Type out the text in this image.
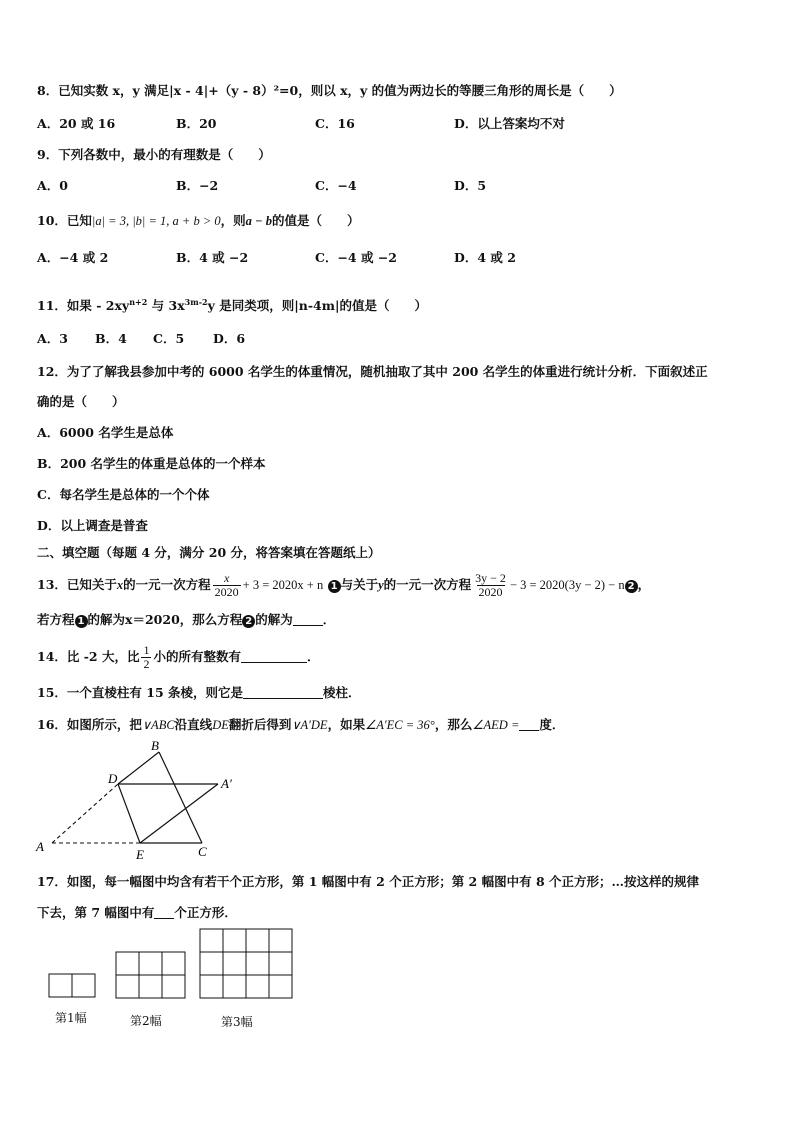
8．已知实数 x，y 满足|x - 4|+（y - 8）²=0，则以 x，y 的值为两边长的等腰三角形的周长是（　　）
A．20 或 16	B．20	C．16	D．以上答案均不对
9．下列各数中，最小的有理数是（　　）
A．0	B．−2	C．−4	D．5
10．已知|a| = 3, |b| = 1, a + b > 0，则a − b的值是（　　）
A．−4 或 2	B．4 或 −2	C．−4 或 −2	D．4 或 2
11．如果 - $2xy^{n+2}$ 与 $3x^{3m-2}y$ 是同类项，则|n-4m|的值是（　　）
A．3 B．4 C．5 D．6
12．为了了解我县参加中考的 6000 名学生的体重情况，随机抽取了其中 200 名学生的体重进行统计分析．下面叙述正
确的是（　　）
A．6000 名学生是总体
B．200 名学生的体重是总体的一个样本
C．每名学生是总体的一个个体
D．以上调查是普查
二、填空题（每题 4 分，满分 20 分，将答案填在答题纸上）
13．已知关于x的一元一次方程 $\frac{x}{2020} + 3 = 2020x + n$ 1 与关于y的一元一次方程 $\frac{3y - 2}{2020} - 3 = 2020(3y - 2) - n$ 2 ，
若方程 1 的解为x＝2020，那么方程 2 的解为 ．
14．比 -2 大，比 $\frac{1}{2}$ 小的所有整数有	．
15．一个直棱柱有 15 条棱，则它是	棱柱．
16．如图所示，把∨ABC沿直线DE翻折后得到∨A′DE，如果∠A′EC = 36°，那么∠AED = 度．
B
D	A′
A
E	C
17．如图，每一幅图中均含有若干个正方形，第 1 幅图中有 2 个正方形；第 2 幅图中有 8 个正方形；…按这样的规律
下去，第 7 幅图中有 个正方形．
第1幅	第2幅	第3幅
